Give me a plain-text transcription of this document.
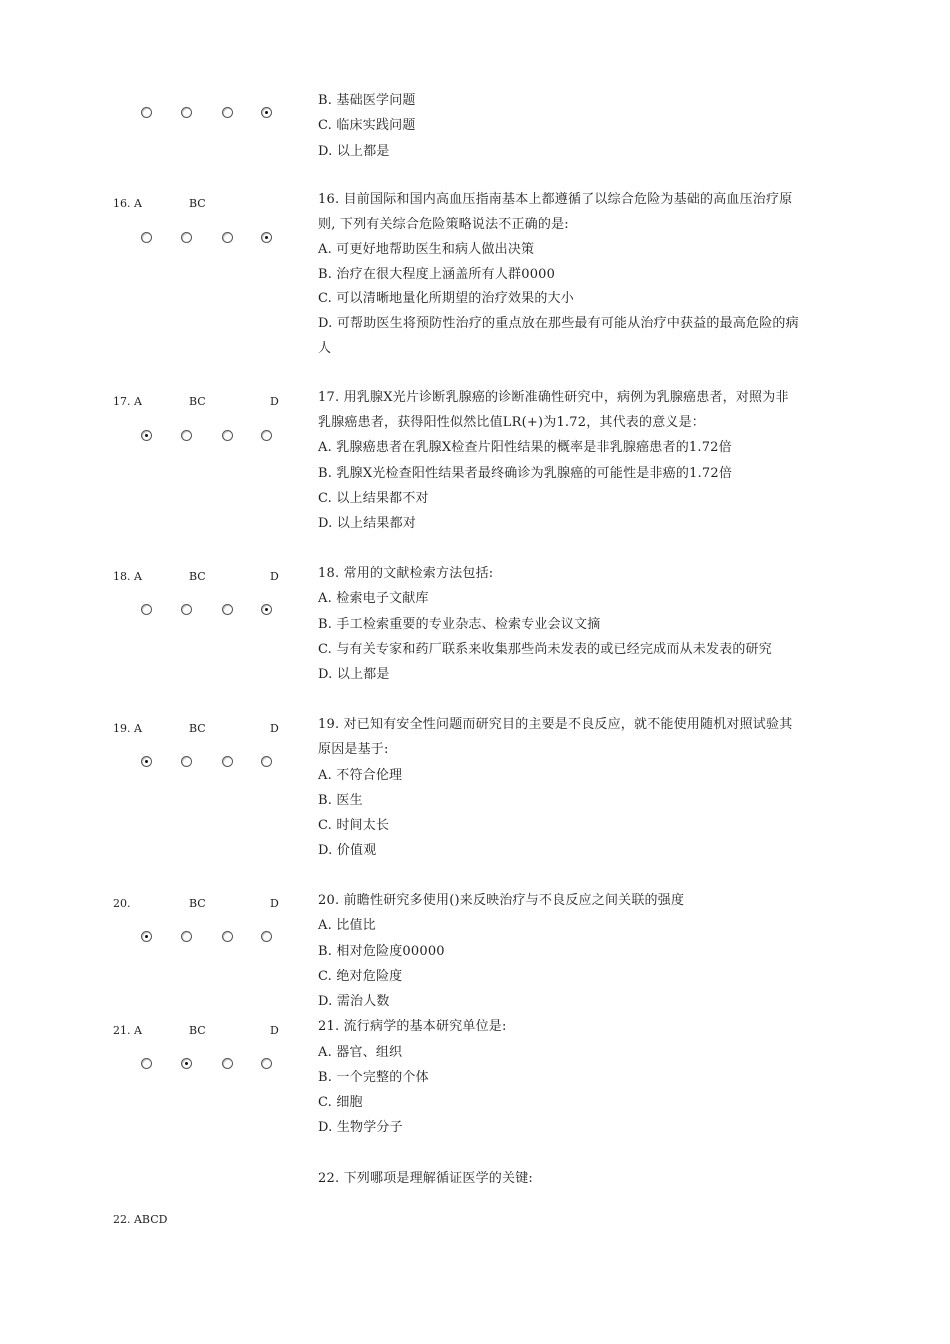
B. 基础医学问题
C. 临床实践问题
D. 以上都是
16. A	BC	16. 目前国际和国内高血压指南基本上都遵循了以综合危险为基础的高血压治疗原
则, 下列有关综合危险策略说法不正确的是:
A. 可更好地帮助医生和病人做出决策
B. 治疗在很大程度上涵盖所有人群0000
C. 可以清晰地量化所期望的治疗效果的大小
D. 可帮助医生将预防性治疗的重点放在那些最有可能从治疗中获益的最高危险的病
人
17. A	BC	D	17. 用乳腺X光片诊断乳腺癌的诊断准确性研究中，病例为乳腺癌患者，对照为非
乳腺癌患者，获得阳性似然比值LR(+)为1.72，其代表的意义是：
A. 乳腺癌患者在乳腺X检查片阳性结果的概率是非乳腺癌患者的1.72倍
B. 乳腺X光检查阳性结果者最终确诊为乳腺癌的可能性是非癌的1.72倍
C. 以上结果都不对
D. 以上结果都对
18. A	BC	D	18. 常用的文献检索方法包括:
A. 检索电子文献库
B. 手工检索重要的专业杂志、检索专业会议文摘
C. 与有关专家和药厂联系来收集那些尚未发表的或已经完成而从未发表的研究
D. 以上都是
19. A	BC	D	19. 对已知有安全性问题而研究目的主要是不良反应，就不能使用随机对照试验其
原因是基于:
A. 不符合伦理
B. 医生
C. 时间太长
D. 价值观
20.	BC	D	20. 前瞻性研究多使用()来反映治疗与不良反应之间关联的强度
A. 比值比
B. 相对危险度00000
C. 绝对危险度
D. 需治人数
21. A	BC	D	21. 流行病学的基本研究单位是:
A. 器官、组织
B. 一个完整的个体
C. 细胞
D. 生物学分子
22. 下列哪项是理解循证医学的关键:
22. ABCD
